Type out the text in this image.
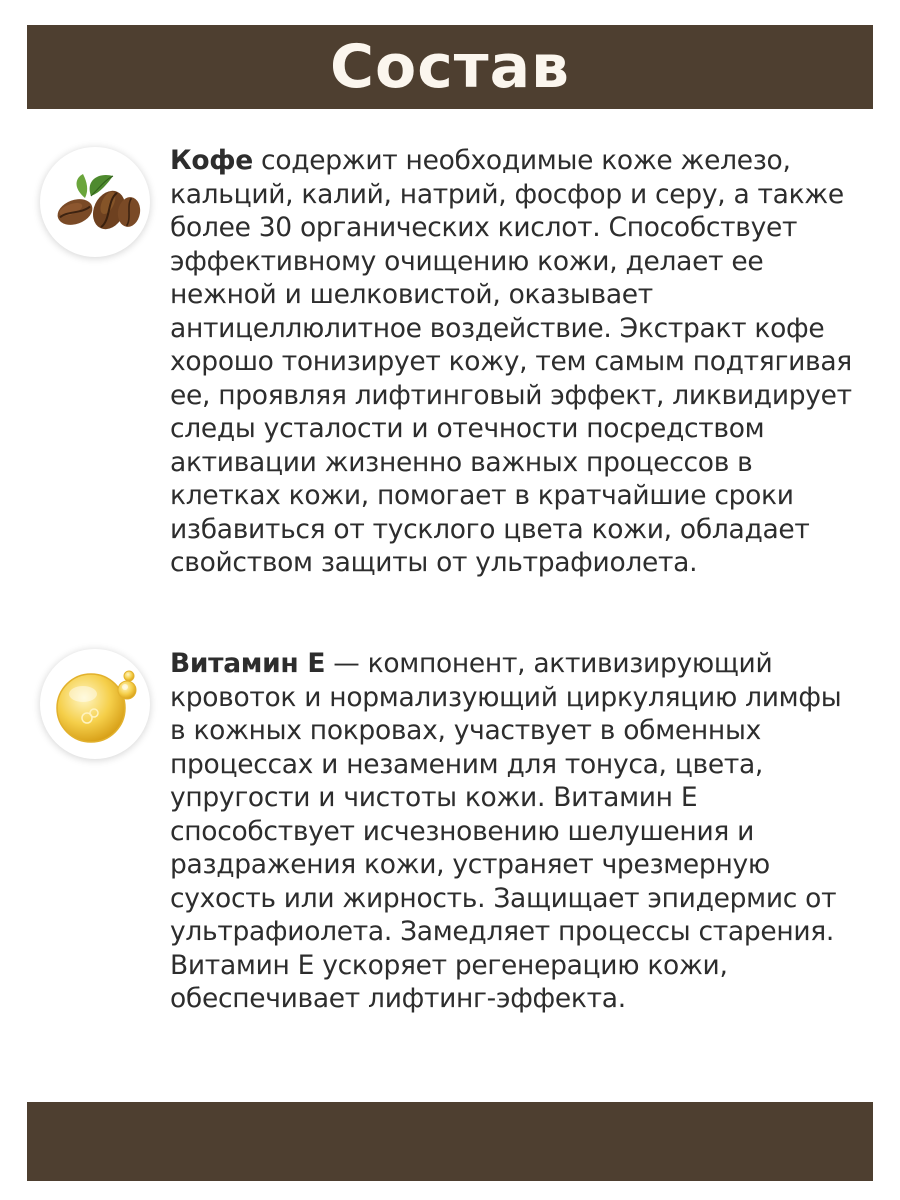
Состав
Кофе содержит необходимые коже железо, кальций, калий, натрий, фосфор и серу, а также более 30 органических кислот. Способствует эффективному очищению кожи, делает ее нежной и шелковистой, оказывает антицеллюлитное воздействие. Экстракт кофе хорошо тонизирует кожу, тем самым подтягивая ее, проявляя лифтинговый эффект, ликвидирует следы усталости и отечности посредством активации жизненно важных процессов в клетках кожи, помогает в кратчайшие сроки избавиться от тусклого цвета кожи, обладает свойством защиты от ультрафиолета.
Витамин Е — компонент, активизирующий кровоток и нормализующий циркуляцию лимфы в кожных покровах, участвует в обменных процессах и незаменим для тонуса, цвета, упругости и чистоты кожи. Витамин Е способствует исчезновению шелушения и раздражения кожи, устраняет чрезмерную сухость или жирность. Защищает эпидермис от ультрафиолета. Замедляет процессы старения. Витамин Е ускоряет регенерацию кожи, обеспечивает лифтинг-эффекта.
